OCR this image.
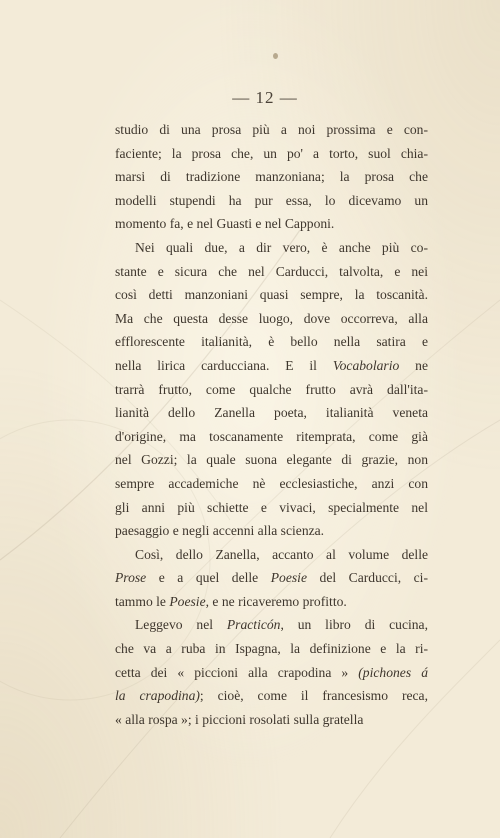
— 12 —
studio di una prosa più a noi prossima e con-
faciente; la prosa che, un po' a torto, suol chia-
marsi di tradizione manzoniana; la prosa che
modelli stupendi ha pur essa, lo dicevamo un
momento fa, e nel Guasti e nel Capponi.
Nei quali due, a dir vero, è anche più co-
stante e sicura che nel Carducci, talvolta, e nei
così detti manzoniani quasi sempre, la toscanità.
Ma che questa desse luogo, dove occorreva, alla
efflorescente italianità, è bello nella satira e
nella lirica carducciana. E il Vocabolario ne
trarrà frutto, come qualche frutto avrà dall'ita-
lianità dello Zanella poeta, italianità veneta
d'origine, ma toscanamente ritemprata, come già
nel Gozzi; la quale suona elegante di grazie, non
sempre accademiche nè ecclesiastiche, anzi con
gli anni più schiette e vivaci, specialmente nel
paesaggio e negli accenni alla scienza.
Così, dello Zanella, accanto al volume delle
Prose e a quel delle Poesie del Carducci, ci-
tammo le Poesie, e ne ricaveremo profitto.
Leggevo nel Practicón, un libro di cucina,
che va a ruba in Ispagna, la definizione e la ri-
cetta dei « piccioni alla crapodina » (pichones á
la crapodina); cioè, come il francesismo reca,
« alla rospa »; i piccioni rosolati sulla gratella
